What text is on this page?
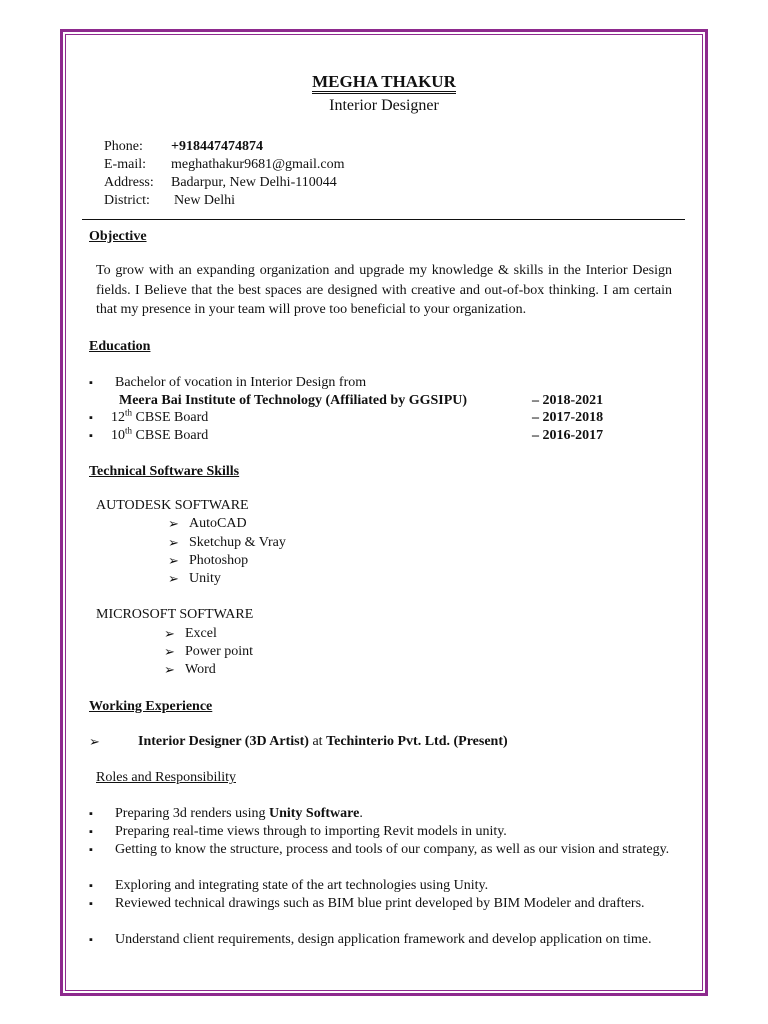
MEGHA THAKUR
Interior Designer
Phone: +918447474874
E-mail: meghathakur9681@gmail.com
Address: Badarpur, New Delhi-110044
District: New Delhi
Objective
To grow with an expanding organization and upgrade my knowledge & skills in the Interior Design fields. I Believe that the best spaces are designed with creative and out-of-box thinking. I am certain that my presence in your team will prove too beneficial to your organization.
Education
▪ Bachelor of vocation in Interior Design from
Meera Bai Institute of Technology (Affiliated by GGSIPU)	– 2018-2021
▪ 12th CBSE Board	– 2017-2018
▪ 10th CBSE Board	– 2016-2017
Technical Software Skills
AUTODESK SOFTWARE
➢ AutoCAD
➢ Sketchup & Vray
➢ Photoshop
➢ Unity
MICROSOFT SOFTWARE
➢ Excel
➢ Power point
➢ Word
Working Experience
➢	Interior Designer (3D Artist) at Techinterio Pvt. Ltd. (Present)
Roles and Responsibility
▪ Preparing 3d renders using Unity Software.
▪ Preparing real-time views through to importing Revit models in unity.
▪ Getting to know the structure, process and tools of our company, as well as our vision and strategy.
▪ Exploring and integrating state of the art technologies using Unity.
▪ Reviewed technical drawings such as BIM blue print developed by BIM Modeler and drafters.
▪ Understand client requirements, design application framework and develop application on time.
